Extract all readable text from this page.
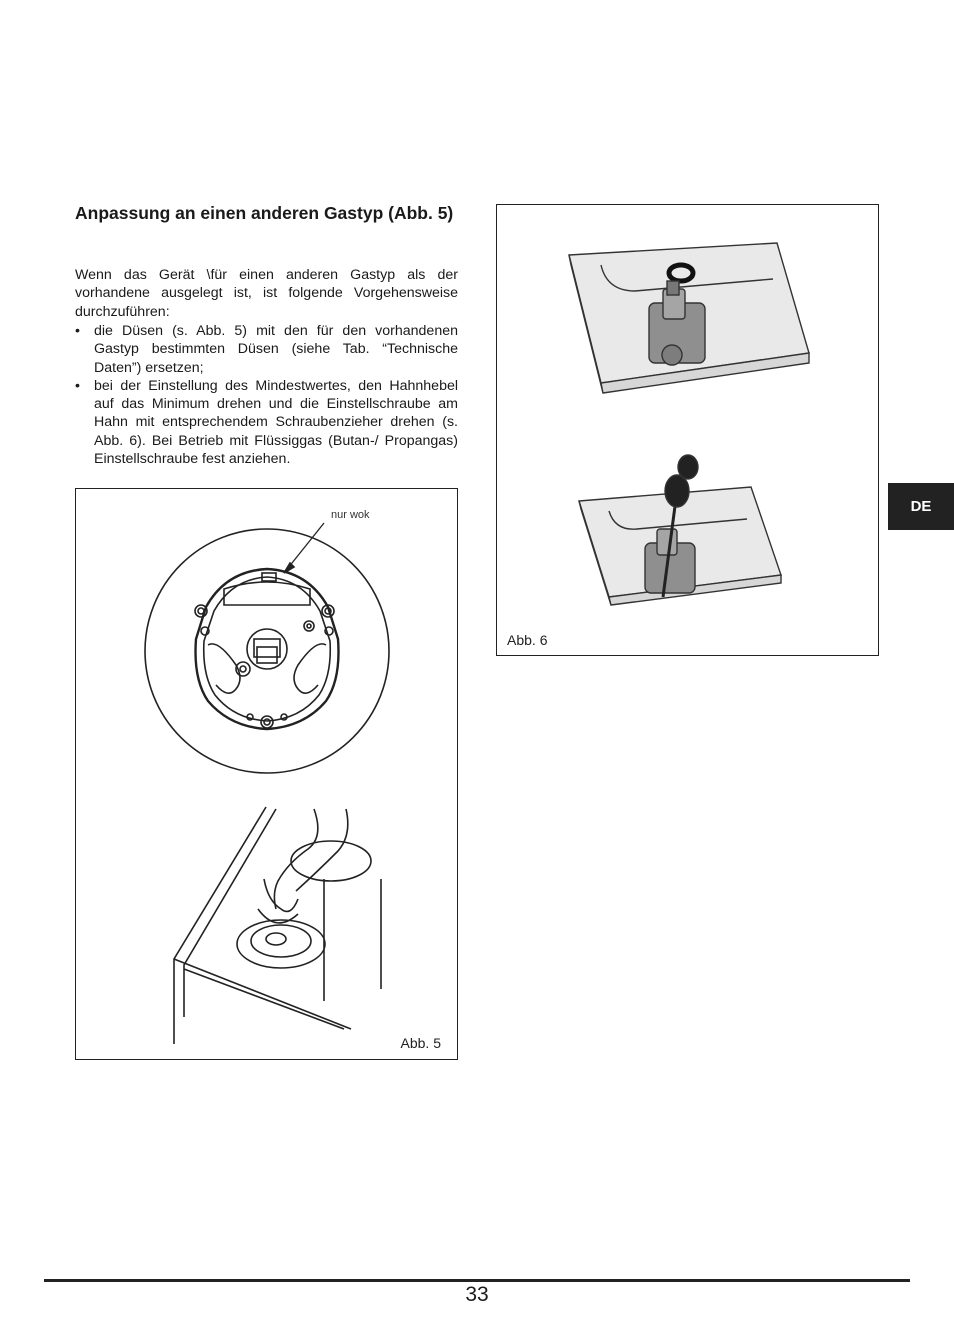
Anpassung an einen anderen Gastyp (Abb. 5)

Wenn das Gerät \für einen anderen Gastyp als der vorhandene ausgelegt ist, ist folgende Vorgehensweise durchzuführen:

• die Düsen (s. Abb. 5) mit den für den vorhandenen Gastyp bestimmten Düsen (siehe Tab. “Technische Daten”) ersetzen;
• bei der Einstellung des Mindestwertes, den Hahnhebel auf das Minimum drehen und die Einstellschraube am Hahn mit entsprechendem Schraubenzieher drehen (s. Abb. 6). Bei Betrieb mit Flüssiggas (Butan-/ Propangas) Einstellschraube fest anziehen.
nur wok
Abb. 5
Abb. 6
DE
33
